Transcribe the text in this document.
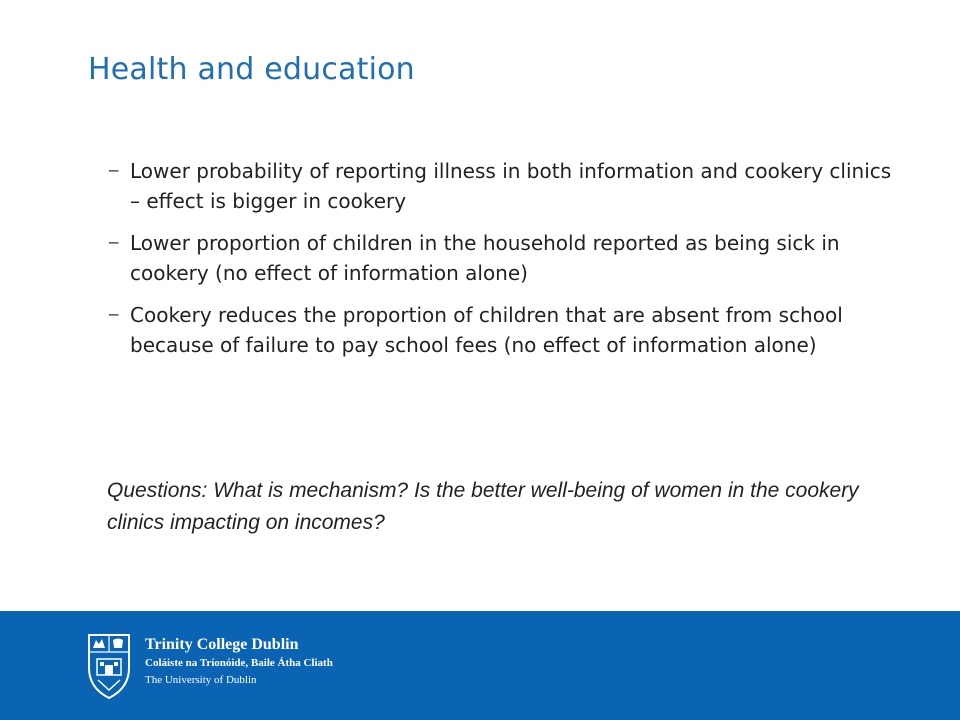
Health and education
‒ Lower probability of reporting illness in both information and cookery clinics – effect is bigger in cookery
‒ Lower proportion of children in the household reported as being sick in cookery (no effect of information alone)
‒ Cookery reduces the proportion of children that are absent from school because of failure to pay school fees (no effect of information alone)

Questions: What is mechanism? Is the better well-being of women in the cookery clinics impacting on incomes?

Trinity College Dublin
Coláiste na Tríonóide, Baile Átha Cliath
The University of Dublin
